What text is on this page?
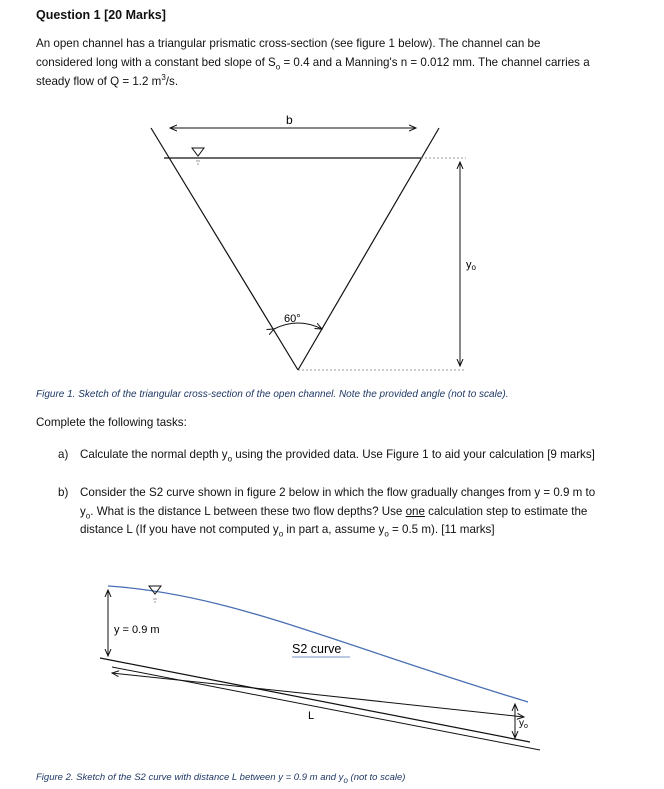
Question 1 [20 Marks]
An open channel has a triangular prismatic cross-section (see figure 1 below). The channel can be considered long with a constant bed slope of $S_o = 0.4$ and a Manning's n = 0.012 mm. The channel carries a steady flow of Q = 1.2 $m^3/s$.
b
yo
60°
Figure 1. Sketch of the triangular cross-section of the open channel. Note the provided angle (not to scale).
Complete the following tasks:
a) Calculate the normal depth $y_o$ using the provided data. Use Figure 1 to aid your calculation [9 marks]
b) Consider the S2 curve shown in figure 2 below in which the flow gradually changes from y = 0.9 m to $y_o$. What is the distance L between these two flow depths? Use one calculation step to estimate the distance L (If you have not computed $y_o$ in part a, assume $y_o = 0.5$ m). [11 marks]
y = 0.9 m
S2 curve
L
$y_o$
Figure 2. Sketch of the S2 curve with distance L between y = 0.9 m and $y_o$ (not to scale)
